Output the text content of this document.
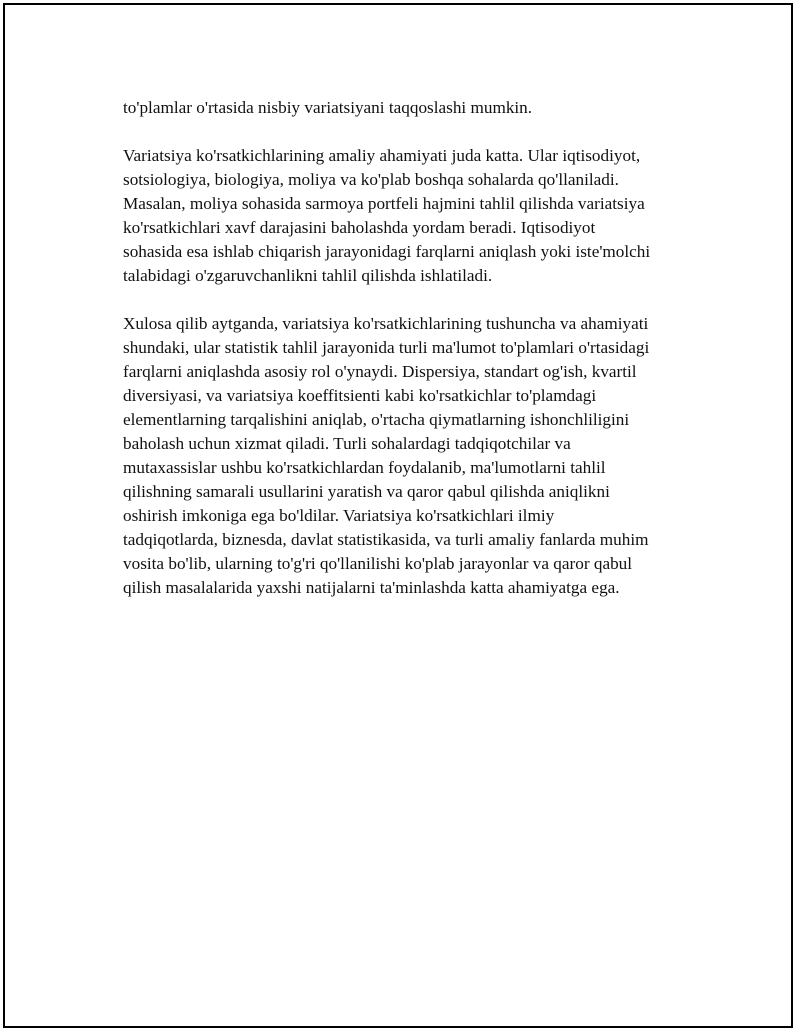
to'plamlar o'rtasida nisbiy variatsiyani taqqoslashi mumkin.

Variatsiya ko'rsatkichlarining amaliy ahamiyati juda katta. Ular iqtisodiyot,
sotsiologiya, biologiya, moliya va ko'plab boshqa sohalarda qo'llaniladi.
Masalan, moliya sohasida sarmoya portfeli hajmini tahlil qilishda variatsiya
ko'rsatkichlari xavf darajasini baholashda yordam beradi. Iqtisodiyot
sohasida esa ishlab chiqarish jarayonidagi farqlarni aniqlash yoki iste'molchi
talabidagi o'zgaruvchanlikni tahlil qilishda ishlatiladi.

Xulosa qilib aytganda, variatsiya ko'rsatkichlarining tushuncha va ahamiyati
shundaki, ular statistik tahlil jarayonida turli ma'lumot to'plamlari o'rtasidagi
farqlarni aniqlashda asosiy rol o'ynaydi. Dispersiya, standart og'ish, kvartil
diversiyasi, va variatsiya koeffitsienti kabi ko'rsatkichlar to'plamdagi
elementlarning tarqalishini aniqlab, o'rtacha qiymatlarning ishonchliligini
baholash uchun xizmat qiladi. Turli sohalardagi tadqiqotchilar va
mutaxassislar ushbu ko'rsatkichlardan foydalanib, ma'lumotlarni tahlil
qilishning samarali usullarini yaratish va qaror qabul qilishda aniqlikni
oshirish imkoniga ega bo'ldilar. Variatsiya ko'rsatkichlari ilmiy
tadqiqotlarda, biznesda, davlat statistikasida, va turli amaliy fanlarda muhim
vosita bo'lib, ularning to'g'ri qo'llanilishi ko'plab jarayonlar va qaror qabul
qilish masalalarida yaxshi natijalarni ta'minlashda katta ahamiyatga ega.
